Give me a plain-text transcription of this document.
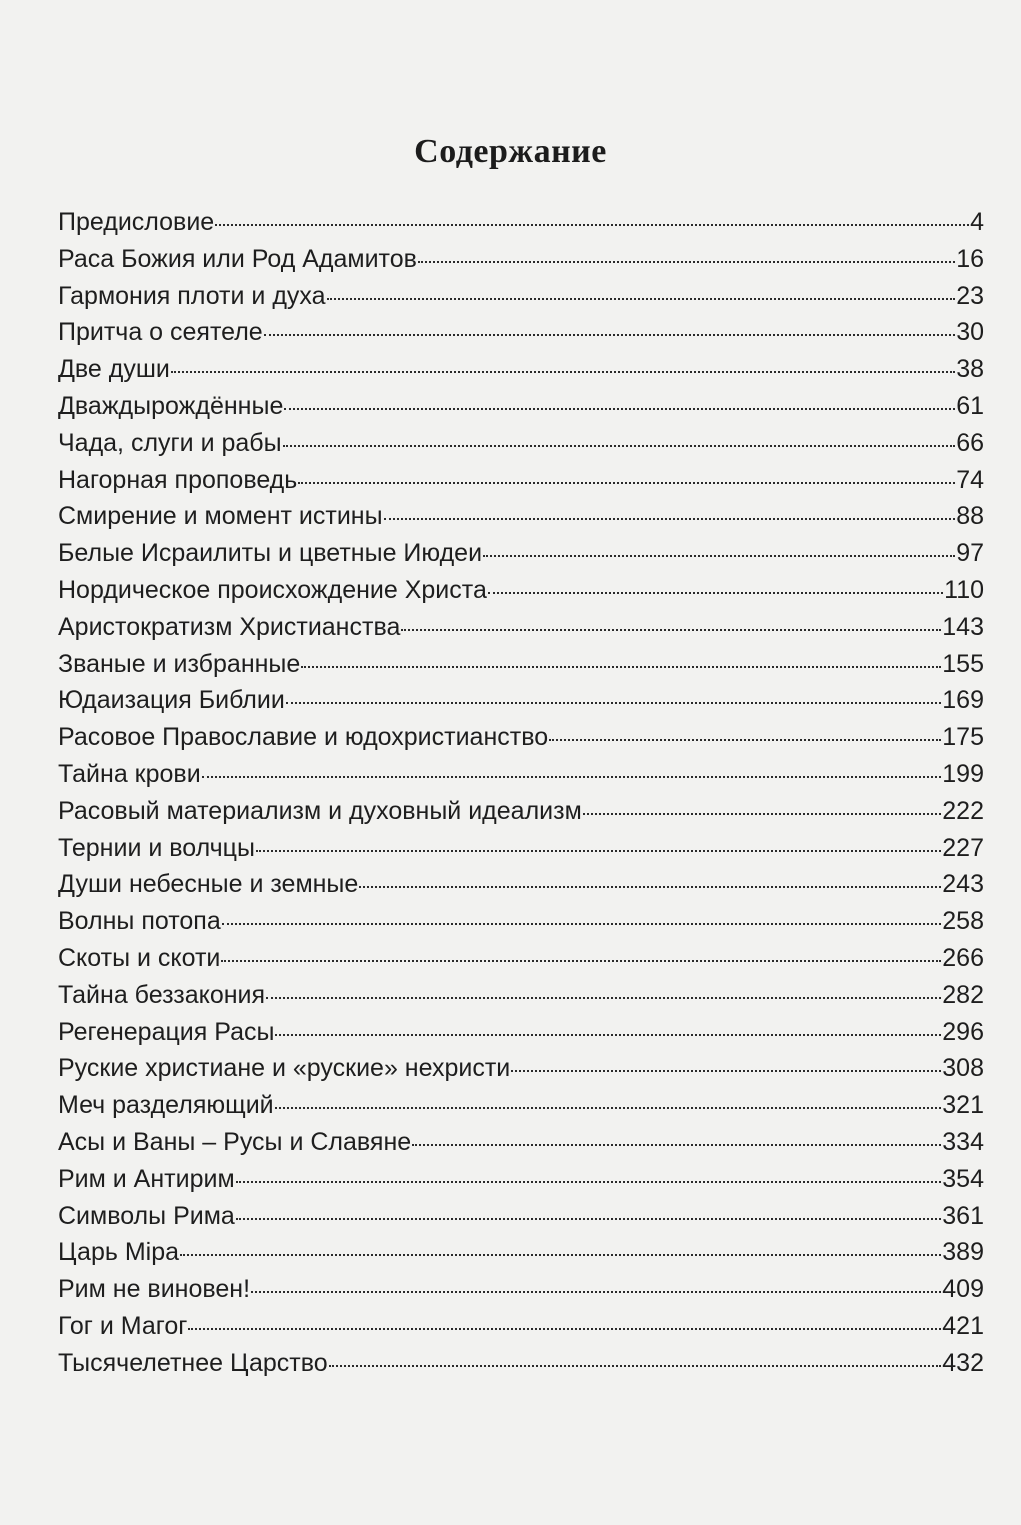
Содержание
Предисловие	4
Раса Божия или Род Адамитов	16
Гармония плоти и духа	23
Притча о сеятеле	30
Две души	38
Дваждырождённые	61
Чада, слуги и рабы	66
Нагорная проповедь	74
Смирение и момент истины	88
Белые Исраилиты и цветные Июдеи	97
Нордическое происхождение Христа	110
Аристократизм Христианства	143
Званые и избранные	155
Юдаизация Библии	169
Расовое Православие и юдохристианство	175
Тайна крови	199
Расовый материализм и духовный идеализм	222
Тернии и волчцы	227
Души небесные и земные	243
Волны потопа	258
Скоты и скоти	266
Тайна беззакония	282
Регенерация Расы	296
Руские христиане и «руские» нехристи	308
Меч разделяющий	321
Асы и Ваны – Русы и Славяне	334
Рим и Антирим	354
Символы Рима	361
Царь Міра	389
Рим не виновен!	409
Гог и Магог	421
Тысячелетнее Царство	432
